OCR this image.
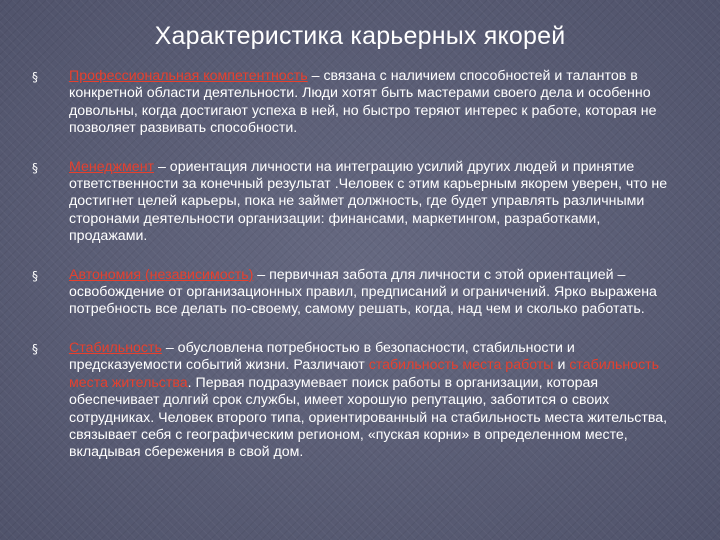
Характеристика карьерных якорей
§ Профессиональная компетентность – связана с наличием способностей и талантов в конкретной области деятельности. Люди хотят быть мастерами своего дела и особенно довольны, когда достигают успеха в ней, но быстро теряют интерес к работе, которая не позволяет развивать способности.
§ Менеджмент – ориентация личности на интеграцию усилий других людей и принятие ответственности за конечный результат .Человек с этим карьерным якорем уверен, что не достигнет целей карьеры, пока не займет должность, где будет управлять различными сторонами деятельности организации: финансами, маркетингом, разработками, продажами.
§ Автономия (независимость) – первичная забота для личности с этой ориентацией – освобождение от организационных правил, предписаний и ограничений. Ярко выражена потребность все делать по-своему, самому решать, когда, над чем и сколько работать.
§ Стабильность – обусловлена потребностью в безопасности, стабильности и предсказуемости событий жизни. Различают стабильность места работы и стабильность места жительства. Первая подразумевает поиск работы в организации, которая обеспечивает долгий срок службы, имеет хорошую репутацию, заботится о своих сотрудниках. Человек второго типа, ориентированный на стабильность места жительства, связывает себя с географическим регионом, «пуская корни» в определенном месте, вкладывая сбережения в свой дом.
